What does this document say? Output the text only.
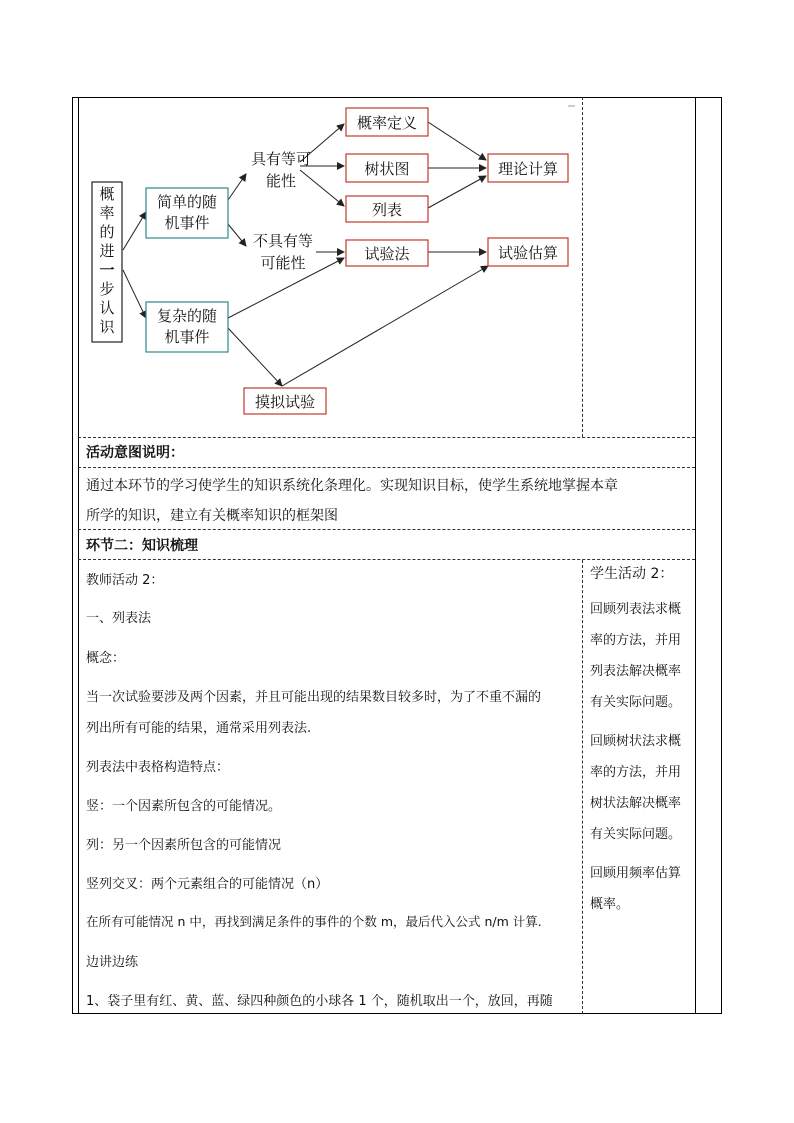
概
率
的
进
一
步
认
识
简单的随
机事件
复杂的随
机事件
具有等可
能性
不具有等
可能性
概率定义
树状图
列表
试验法
理论计算
试验估算
摸拟试验
活动意图说明：
通过本环节的学习使学生的知识系统化条理化。实现知识目标，使学生系统地掌握本章
所学的知识，建立有关概率知识的框架图
环节二：知识梳理
教师活动 2：
一、列表法
概念：
当一次试验要涉及两个因素，并且可能出现的结果数目较多时，为了不重不漏的
列出所有可能的结果，通常采用列表法.
列表法中表格构造特点：
竖：一个因素所包含的可能情况。
列：另一个因素所包含的可能情况
竖列交叉：两个元素组合的可能情况（n）
在所有可能情况 n 中，再找到满足条件的事件的个数 m，最后代入公式 n/m 计算.
边讲边练
1、袋子里有红、黄、蓝、绿四种颜色的小球各 1 个，随机取出一个，放回，再随
学生活动 2：
回顾列表法求概
率的方法，并用
列表法解决概率
有关实际问题。
回顾树状法求概
率的方法，并用
树状法解决概率
有关实际问题。
回顾用频率估算
概率。
